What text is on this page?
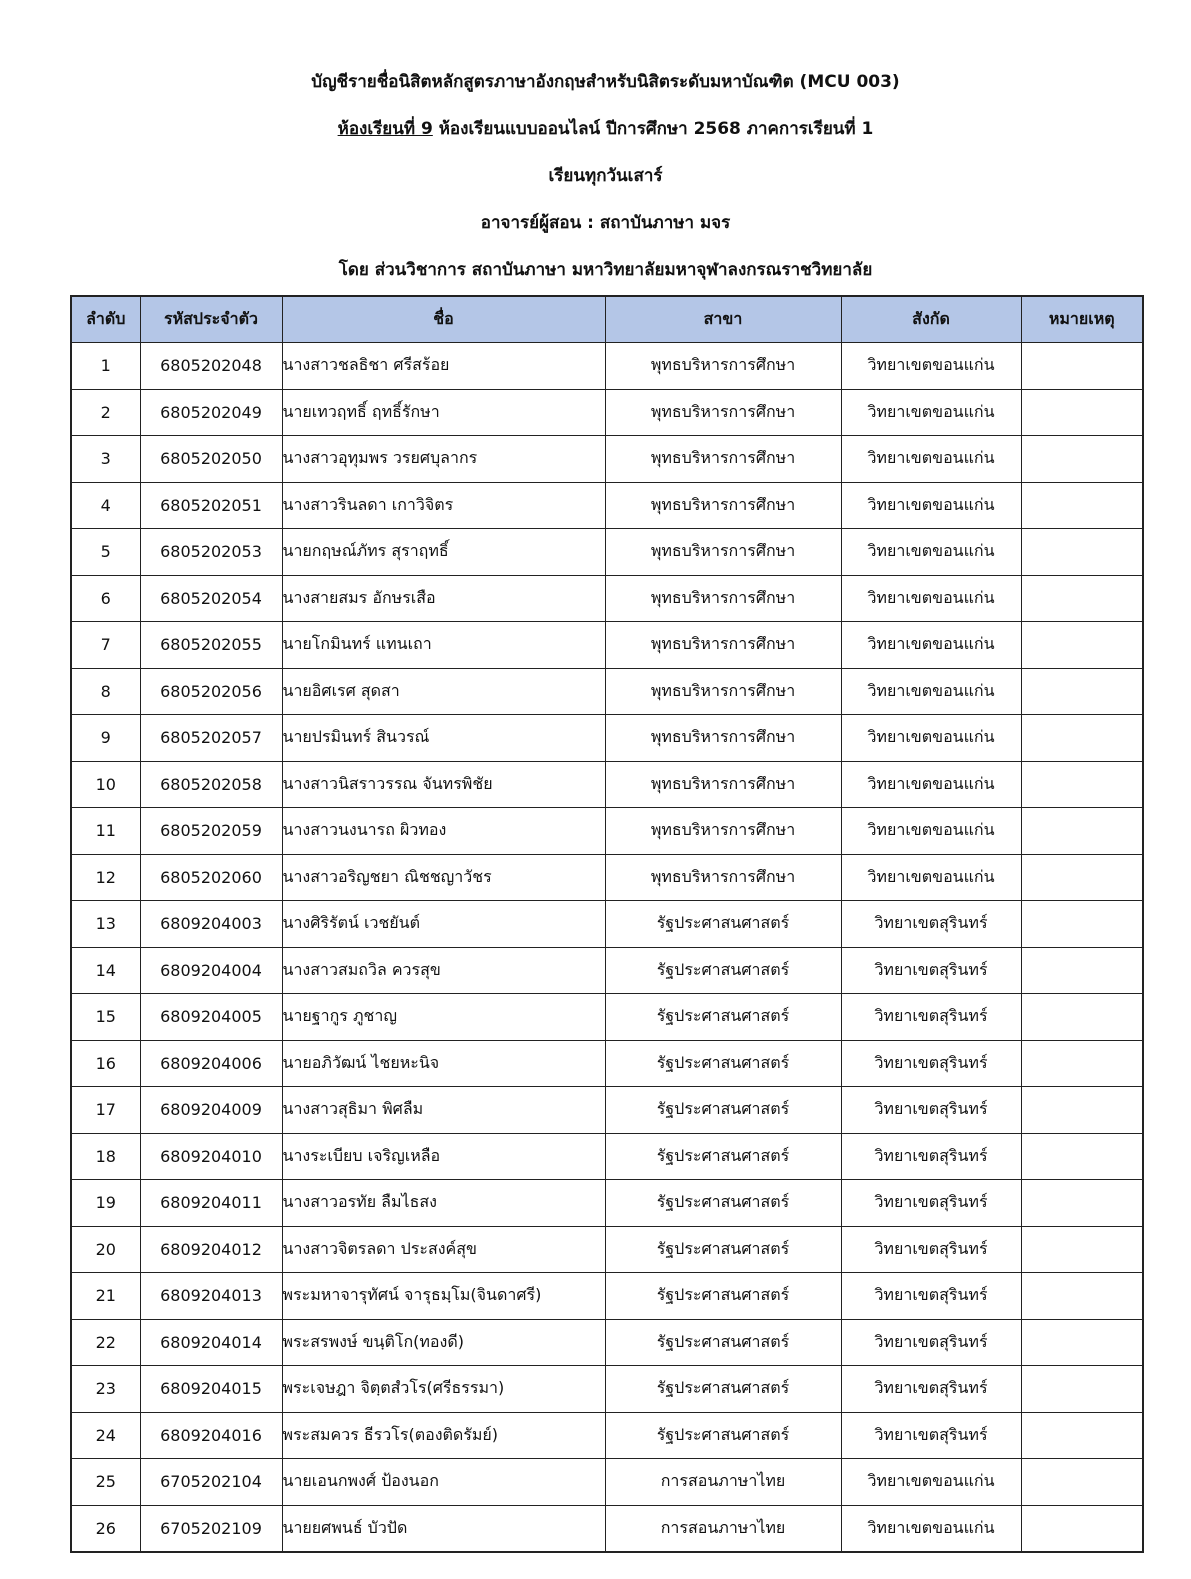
บัญชีรายชื่อนิสิตหลักสูตรภาษาอังกฤษสำหรับนิสิตระดับมหาบัณฑิต (MCU 003)
ห้องเรียนที่ 9 ห้องเรียนแบบออนไลน์ ปีการศึกษา 2568 ภาคการเรียนที่ 1
เรียนทุกวันเสาร์
อาจารย์ผู้สอน : สถาบันภาษา มจร
โดย ส่วนวิชาการ สถาบันภาษา มหาวิทยาลัยมหาจุฬาลงกรณราชวิทยาลัย
ลำดับ	รหัสประจำตัว	ชื่อ	สาขา	สังกัด	หมายเหตุ
1	6805202048	นางสาวชลธิชา ศรีสร้อย	พุทธบริหารการศึกษา	วิทยาเขตขอนแก่น	
2	6805202049	นายเทวฤทธิ์ ฤทธิ์รักษา	พุทธบริหารการศึกษา	วิทยาเขตขอนแก่น	
3	6805202050	นางสาวอุทุมพร วรยศบุลากร	พุทธบริหารการศึกษา	วิทยาเขตขอนแก่น	
4	6805202051	นางสาวรินลดา เกาวิจิตร	พุทธบริหารการศึกษา	วิทยาเขตขอนแก่น	
5	6805202053	นายกฤษณ์ภัทร สุราฤทธิ์	พุทธบริหารการศึกษา	วิทยาเขตขอนแก่น	
6	6805202054	นางสายสมร อักษรเสือ	พุทธบริหารการศึกษา	วิทยาเขตขอนแก่น	
7	6805202055	นายโกมินทร์ แทนเถา	พุทธบริหารการศึกษา	วิทยาเขตขอนแก่น	
8	6805202056	นายอิศเรศ สุดสา	พุทธบริหารการศึกษา	วิทยาเขตขอนแก่น	
9	6805202057	นายปรมินทร์ สินวรณ์	พุทธบริหารการศึกษา	วิทยาเขตขอนแก่น	
10	6805202058	นางสาวนิสราวรรณ จันทรพิชัย	พุทธบริหารการศึกษา	วิทยาเขตขอนแก่น	
11	6805202059	นางสาวนงนารถ ผิวทอง	พุทธบริหารการศึกษา	วิทยาเขตขอนแก่น	
12	6805202060	นางสาวอริญชยา ณิชชญาวัชร	พุทธบริหารการศึกษา	วิทยาเขตขอนแก่น	
13	6809204003	นางศิริรัตน์ เวชยันต์	รัฐประศาสนศาสตร์	วิทยาเขตสุรินทร์	
14	6809204004	นางสาวสมถวิล ควรสุข	รัฐประศาสนศาสตร์	วิทยาเขตสุรินทร์	
15	6809204005	นายฐากูร ภูชาญ	รัฐประศาสนศาสตร์	วิทยาเขตสุรินทร์	
16	6809204006	นายอภิวัฒน์ ไชยหะนิจ	รัฐประศาสนศาสตร์	วิทยาเขตสุรินทร์	
17	6809204009	นางสาวสุธิมา พิศลืม	รัฐประศาสนศาสตร์	วิทยาเขตสุรินทร์	
18	6809204010	นางระเบียบ เจริญเหลือ	รัฐประศาสนศาสตร์	วิทยาเขตสุรินทร์	
19	6809204011	นางสาวอรทัย ลืมไธสง	รัฐประศาสนศาสตร์	วิทยาเขตสุรินทร์	
20	6809204012	นางสาวจิตรลดา ประสงค์สุข	รัฐประศาสนศาสตร์	วิทยาเขตสุรินทร์	
21	6809204013	พระมหาจารุทัศน์ จารุธมฺโม(จินดาศรี)	รัฐประศาสนศาสตร์	วิทยาเขตสุรินทร์	
22	6809204014	พระสรพงษ์ ขนฺติโก(ทองดี)	รัฐประศาสนศาสตร์	วิทยาเขตสุรินทร์	
23	6809204015	พระเจษฎา จิตฺตสํวโร(ศรีธรรมา)	รัฐประศาสนศาสตร์	วิทยาเขตสุรินทร์	
24	6809204016	พระสมควร ธีรวโร(ตองติดรัมย์)	รัฐประศาสนศาสตร์	วิทยาเขตสุรินทร์	
25	6705202104	นายเอนกพงศ์ ป้องนอก	การสอนภาษาไทย	วิทยาเขตขอนแก่น	
26	6705202109	นายยศพนธ์ บัวปัด	การสอนภาษาไทย	วิทยาเขตขอนแก่น	
